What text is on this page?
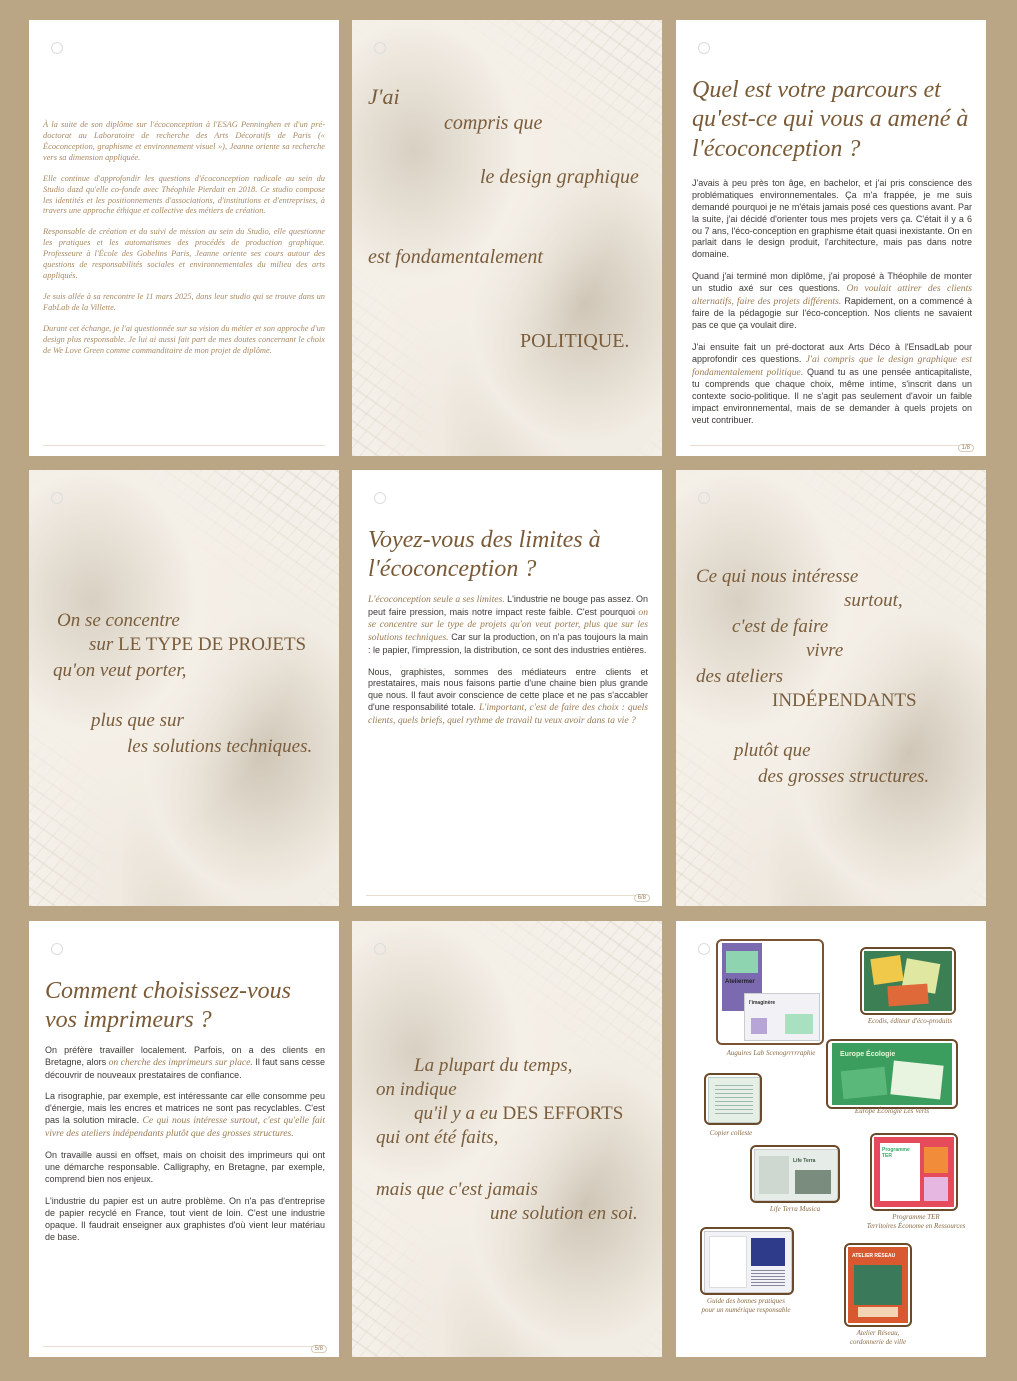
À la suite de son diplôme sur l'écoconception à l'ESAG Penninghen et d'un pré-doctorat au Laboratoire de recherche des Arts Décoratifs de Paris (« Écoconception, graphisme et environnement visuel »), Jeanne oriente sa recherche vers sa dimension appliquée.

Elle continue d'approfondir les questions d'écoconception radicale au sein du Studio dazd qu'elle co-fonde avec Théophile Pierdait en 2018. Ce studio compose les identités et les positionnements d'associations, d'institutions et d'entreprises, à travers une approche éthique et collective des métiers de création.

Responsable de création et du suivi de mission au sein du Studio, elle questionne les pratiques et les automatismes des procédés de production graphique. Professeure à l'École des Gobelins Paris, Jeanne oriente ses cours autour des questions de responsabilités sociales et environnementales du milieu des arts appliqués.

Je suis allée à sa rencontre le 11 mars 2025, dans leur studio qui se trouve dans un FabLab de la Villette.

Durant cet échange, je l'ai questionnée sur sa vision du métier et son approche d'un design plus responsable. Je lui ai aussi fait part de mes doutes concernant le choix de We Love Green comme commanditaire de mon projet de diplôme.

J'ai
compris que
le design graphique
est fondamentalement
POLITIQUE.
Quel est votre parcours et qu'est-ce qui vous a amené à l'écoconception ?

J'avais à peu près ton âge, en bachelor, et j'ai pris conscience des problématiques environnementales. Ça m'a frappée, je me suis demandé pourquoi je ne m'étais jamais posé ces questions avant. Par la suite, j'ai décidé d'orienter tous mes projets vers ça. C'était il y a 6 ou 7 ans, l'éco-conception en graphisme était quasi inexistante. On en parlait dans le design produit, l'architecture, mais pas dans notre domaine.

Quand j'ai terminé mon diplôme, j'ai proposé à Théophile de monter un studio axé sur ces questions. On voulait attirer des clients alternatifs, faire des projets différents. Rapidement, on a commencé à faire de la pédagogie sur l'éco-conception. Nos clients ne savaient pas ce que ça voulait dire.

J'ai ensuite fait un pré-doctorat aux Arts Déco à l'EnsadLab pour approfondir ces questions. J'ai compris que le design graphique est fondamentalement politique. Quand tu as une pensée anticapitaliste, tu comprends que chaque choix, même intime, s'inscrit dans un contexte socio-politique. Il ne s'agit pas seulement d'avoir un faible impact environnemental, mais de se demander à quels projets on veut contribuer.

1/8
On se concentre
sur LE TYPE DE PROJETS
qu'on veut porter,
plus que sur
les solutions techniques.
Voyez-vous des limites à l'écoconception ?

L'écoconception seule a ses limites. L'industrie ne bouge pas assez. On peut faire pression, mais notre impact reste faible. C'est pourquoi on se concentre sur le type de projets qu'on veut porter, plus que sur les solutions techniques. Car sur la production, on n'a pas toujours la main : le papier, l'impression, la distribution, ce sont des industries entières.

Nous, graphistes, sommes des médiateurs entre clients et prestataires, mais nous faisons partie d'une chaine bien plus grande que nous. Il faut avoir conscience de cette place et ne pas s'accabler d'une responsabilité totale. L'important, c'est de faire des choix : quels clients, quels briefs, quel rythme de travail tu veux avoir dans ta vie ?

6/8
Ce qui nous intéresse
surtout,
c'est de faire
vivre
des ateliers
INDÉPENDANTS
plutôt que
des grosses structures.
Comment choisissez-vous vos imprimeurs ?

On préfère travailler localement. Parfois, on a des clients en Bretagne, alors on cherche des imprimeurs sur place. Il faut sans cesse découvrir de nouveaux prestataires de confiance.

La risographie, par exemple, est intéressante car elle consomme peu d'énergie, mais les encres et matrices ne sont pas recyclables. C'est pas la solution miracle. Ce qui nous intéresse surtout, c'est qu'elle fait vivre des ateliers indépendants plutôt que des grosses structures.

On travaille aussi en offset, mais on choisit des imprimeurs qui ont une démarche responsable. Calligraphy, en Bretagne, par exemple, comprend bien nos enjeux.

L'industrie du papier est un autre problème. On n'a pas d'entreprise de papier recyclé en France, tout vient de loin. C'est une industrie opaque. Il faudrait enseigner aux graphistes d'où vient leur matériau de base.

5/8
La plupart du temps,
on indique
qu'il y a eu DES EFFORTS
qui ont été faits,
mais que c'est jamais
une solution en soi.
Ateliermer
l'imaginère
Auguires Lab Scenogrrrrraphie
Ecodis, éditeur d'éco-produits
Europe Écologie
Europe Écologie Les Verts
Copier colleste
Life Terra
Life Terra Musica
Programme TER
Programme TER
Territoires Économe en Ressources
Guide des bonnes pratiques
pour un numérique responsable
ATELIER RÉSEAU
Atelier Réseau,
cordonnerie de ville
